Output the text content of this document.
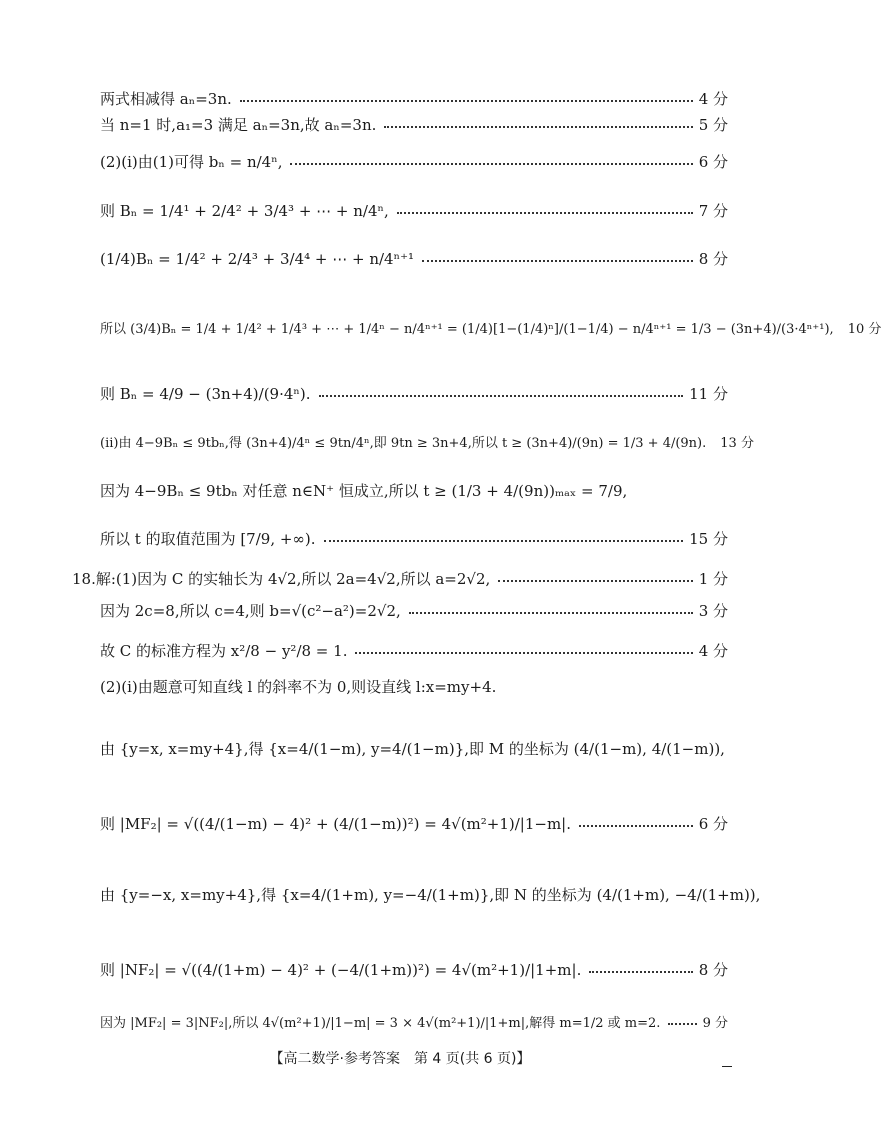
两式相减得 aₙ=3n.	4 分
当 n=1 时,a₁=3 满足 aₙ=3n,故 aₙ=3n.	5 分
(2)(ⅰ)由(1)可得 bₙ = n/4ⁿ,	6 分
则 Bₙ = 1/4¹ + 2/4² + 3/4³ + ⋯ + n/4ⁿ,	7 分
(1/4)Bₙ = 1/4² + 2/4³ + 3/4⁴ + ⋯ + n/4ⁿ⁺¹	8 分
所以 (3/4)Bₙ = 1/4 + 1/4² + 1/4³ + ⋯ + 1/4ⁿ − n/4ⁿ⁺¹ = (1/4)[1−(1/4)ⁿ]/(1−1/4) − n/4ⁿ⁺¹ = 1/3 − (3n+4)/(3·4ⁿ⁺¹), 10 分
则 Bₙ = 4/9 − (3n+4)/(9·4ⁿ).	11 分
(ⅱ)由 4−9Bₙ ≤ 9tbₙ,得 (3n+4)/4ⁿ ≤ 9tn/4ⁿ,即 9tn ≥ 3n+4,所以 t ≥ (3n+4)/(9n) = 1/3 + 4/(9n). 13 分
因为 4−9Bₙ ≤ 9tbₙ 对任意 n∈N⁺ 恒成立,所以 t ≥ (1/3 + 4/(9n))ₘₐₓ = 7/9,
所以 t 的取值范围为 [7/9, +∞).	15 分
18.解:(1)因为 C 的实轴长为 4√2,所以 2a=4√2,所以 a=2√2,	1 分
因为 2c=8,所以 c=4,则 b=√(c²−a²)=2√2,	3 分
故 C 的标准方程为 x²/8 − y²/8 = 1.	4 分
(2)(ⅰ)由题意可知直线 l 的斜率不为 0,则设直线 l:x=my+4.
由 {y=x, x=my+4},得 {x=4/(1−m), y=4/(1−m)},即 M 的坐标为 (4/(1−m), 4/(1−m)),
则 |MF₂| = √((4/(1−m) − 4)² + (4/(1−m))²) = 4√(m²+1)/|1−m|.	6 分
由 {y=−x, x=my+4},得 {x=4/(1+m), y=−4/(1+m)},即 N 的坐标为 (4/(1+m), −4/(1+m)),
则 |NF₂| = √((4/(1+m) − 4)² + (−4/(1+m))²) = 4√(m²+1)/|1+m|.	8 分
因为 |MF₂| = 3|NF₂|,所以 4√(m²+1)/|1−m| = 3 × 4√(m²+1)/|1+m|,解得 m=1/2 或 m=2.	9 分
【高二数学·参考答案　第 4 页(共 6 页)】
